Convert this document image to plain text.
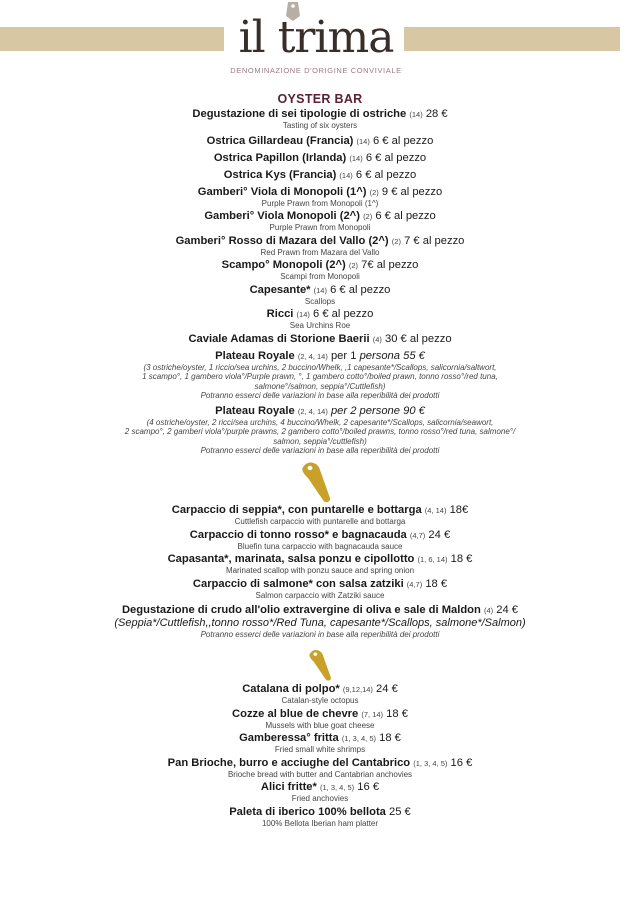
il trima
DENOMINAZIONE D'ORIGINE CONVIVIALE
OYSTER BAR
Degustazione di sei tipologie di ostriche (14) 28 €
Tasting of six oysters
Ostrica Gillardeau (Francia) (14) 6 € al pezzo
Ostrica Papillon (Irlanda) (14) 6 € al pezzo
Ostrica Kys (Francia) (14) 6 € al pezzo
Gamberi° Viola di Monopoli (1^) (2) 9 € al pezzo
Purple Prawn from Monopoli (1^)
Gamberi° Viola Monopoli (2^) (2) 6 € al pezzo
Purple Prawn from Monopoli
Gamberi° Rosso di Mazara del Vallo (2^) (2) 7 € al pezzo
Red Prawn from Mazara del Vallo
Scampo° Monopoli (2^) (2) 7€ al pezzo
Scampi from Monopoli
Capesante* (14) 6 € al pezzo
Scallops
Ricci (14) 6 € al pezzo
Sea Urchins Roe
Caviale Adamas di Storione Baerii (4) 30 € al pezzo
Plateau Royale (2, 4, 14) per 1 persona 55 €
(3 ostriche/oyster, 1 riccio/sea urchins, 2 buccino/Whelk, ,1 capesante*/Scallops, salicornia/saltwort,
1 scampo°, 1 gambero viola°/Purple prawn, °, 1 gambero cotto°/boiled prawn, tonno rosso°/red tuna,
salmone°/salmon, seppia°/Cuttlefish)
Potranno esserci delle variazioni in base alla reperibilità dei prodotti
Plateau Royale (2, 4, 14) per 2 persone 90 €
(4 ostriche/oyster, 2 ricci/sea urchins, 4 buccino/Whelk, 2 capesante*/Scallops, salicornia/seawort,
2 scampo°, 2 gamberi viola°/purple prawns, 2 gambero cotto°/boiled prawns, tonno rosso°/red tuna, salmone°/
salmon, seppia°/cuttlefish)
Potranno esserci delle variazioni in base alla reperibilità dei prodotti
Carpaccio di seppia*, con puntarelle e bottarga (4, 14) 18€
Cuttlefish carpaccio with puntarelle and bottarga
Carpaccio di tonno rosso* e bagnacauda (4,7) 24 €
Bluefin tuna carpaccio with bagnacauda sauce
Capasanta*, marinata, salsa ponzu e cipollotto (1, 6, 14) 18 €
Marinated scallop with ponzu sauce and spring onion
Carpaccio di salmone* con salsa zatziki (4,7) 18 €
Salmon carpaccio with Zatziki sauce
Degustazione di crudo all'olio extravergine di oliva e sale di Maldon (4) 24 €
(Seppia*/Cuttlefish,,tonno rosso*/Red Tuna, capesante*/Scallops, salmone*/Salmon)
Potranno esserci delle variazioni in base alla reperibilità dei prodotti
Catalana di polpo* (9,12,14) 24 €
Catalan-style octopus
Cozze al blue de chevre (7, 14) 18 €
Mussels with blue goat cheese
Gamberessa° fritta (1, 3, 4, 5) 18 €
Fried small white shrimps
Pan Brioche, burro e acciughe del Cantabrico (1, 3, 4, 5) 16 €
Brioche bread with butter and Cantabrian anchovies
Alici fritte* (1, 3, 4, 5) 16 €
Fried anchovies
Paleta di iberico 100% bellota 25 €
100% Bellota Iberian ham platter
